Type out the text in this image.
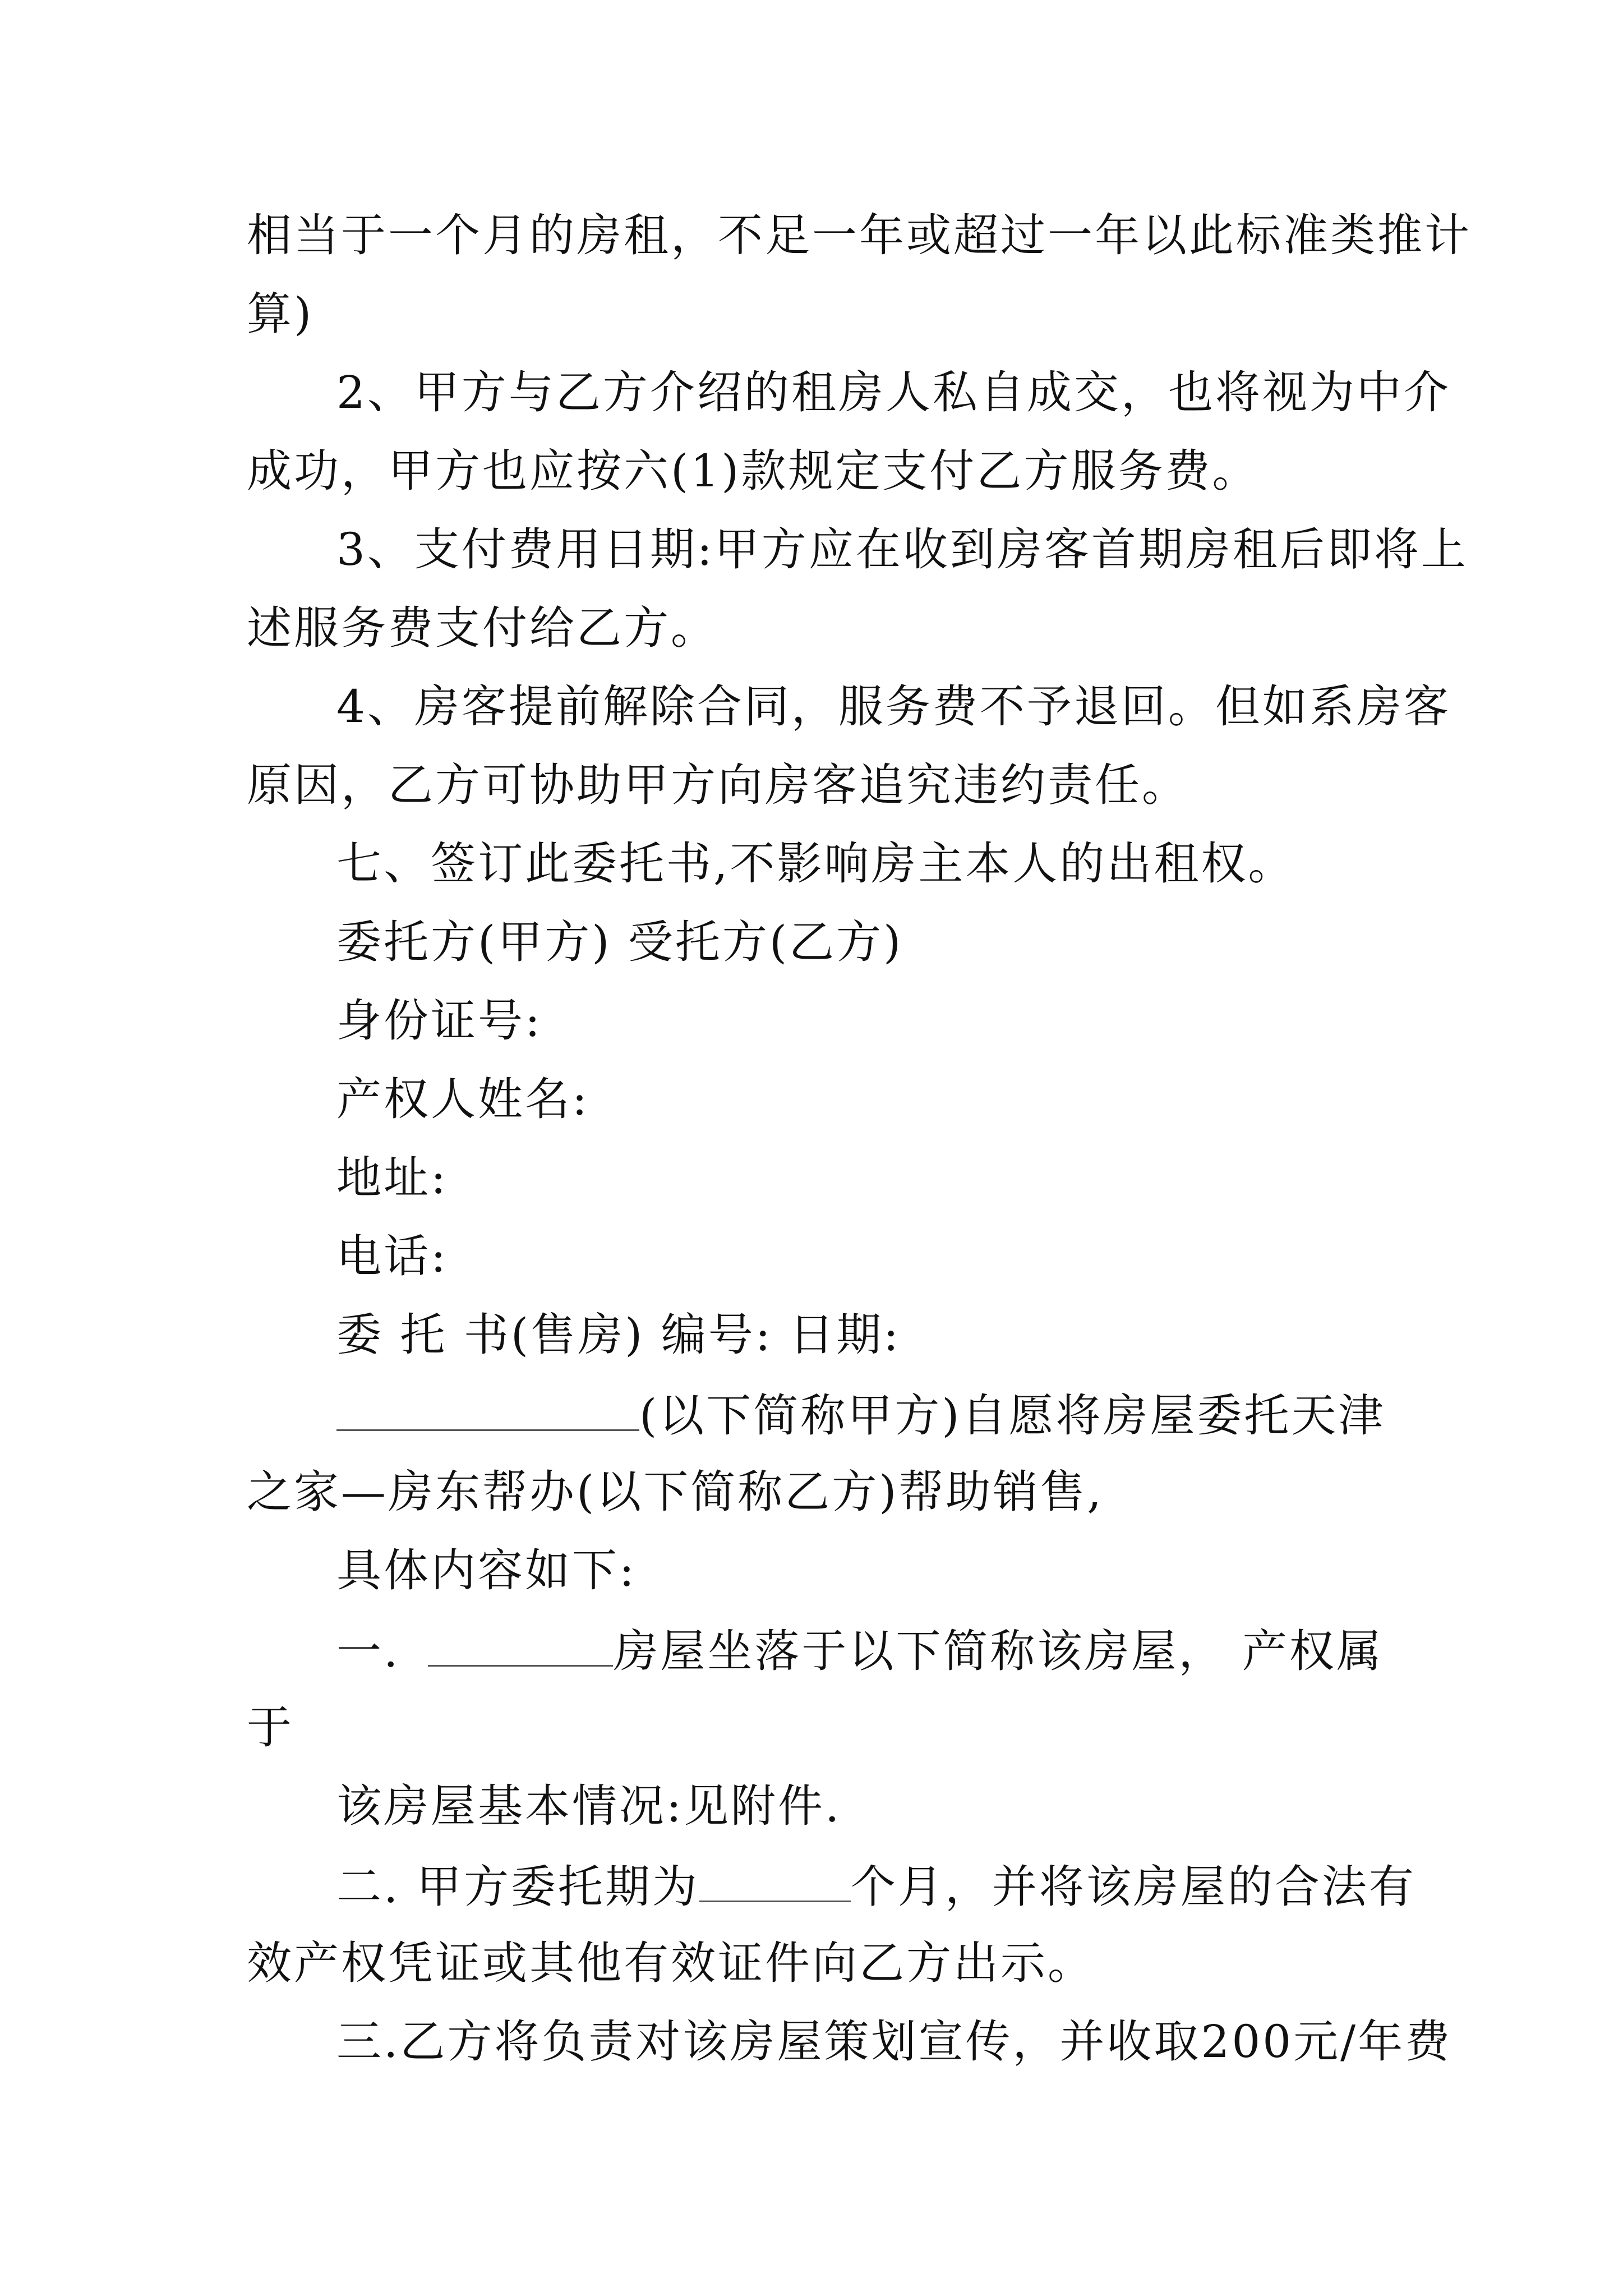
相当于一个月的房租，不足一年或超过一年以此标准类推计
算)
2、甲方与乙方介绍的租房人私自成交，也将视为中介
成功，甲方也应按六(1)款规定支付乙方服务费。
3、支付费用日期:甲方应在收到房客首期房租后即将上
述服务费支付给乙方。
4、房客提前解除合同，服务费不予退回。但如系房客
原因，乙方可协助甲方向房客追究违约责任。
七、签订此委托书,不影响房主本人的出租权。
委托方(甲方) 受托方(乙方)
身份证号:
产权人姓名:
地址:
电话:
委 托 书(售房) 编号: 日期:
(以下简称甲方)自愿将房屋委托天津
之家—房东帮办(以下简称乙方)帮助销售,
具体内容如下:
一.	房屋坐落于以下简称该房屋， 产权属
于
该房屋基本情况:见附件.
二. 甲方委托期为	个月，并将该房屋的合法有
效产权凭证或其他有效证件向乙方出示。
三.乙方将负责对该房屋策划宣传，并收取200元/年费
